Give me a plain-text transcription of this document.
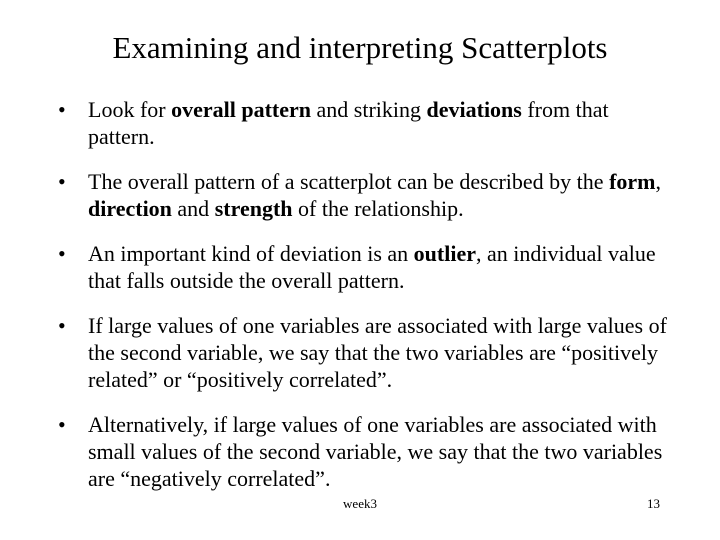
Examining and interpreting Scatterplots
•	Look for overall pattern and striking deviations from that pattern.
•	The overall pattern of a scatterplot can be described by the form, direction and strength of the relationship.
•	An important kind of deviation is an outlier, an individual value that falls outside the overall pattern.
•	If large values of one variables are associated with large values of the second variable, we say that the two variables are “positively related” or “positively correlated”.
•	Alternatively, if large values of one variables are associated with small values of the second variable, we say that the two variables are “negatively correlated”.
week3	13
